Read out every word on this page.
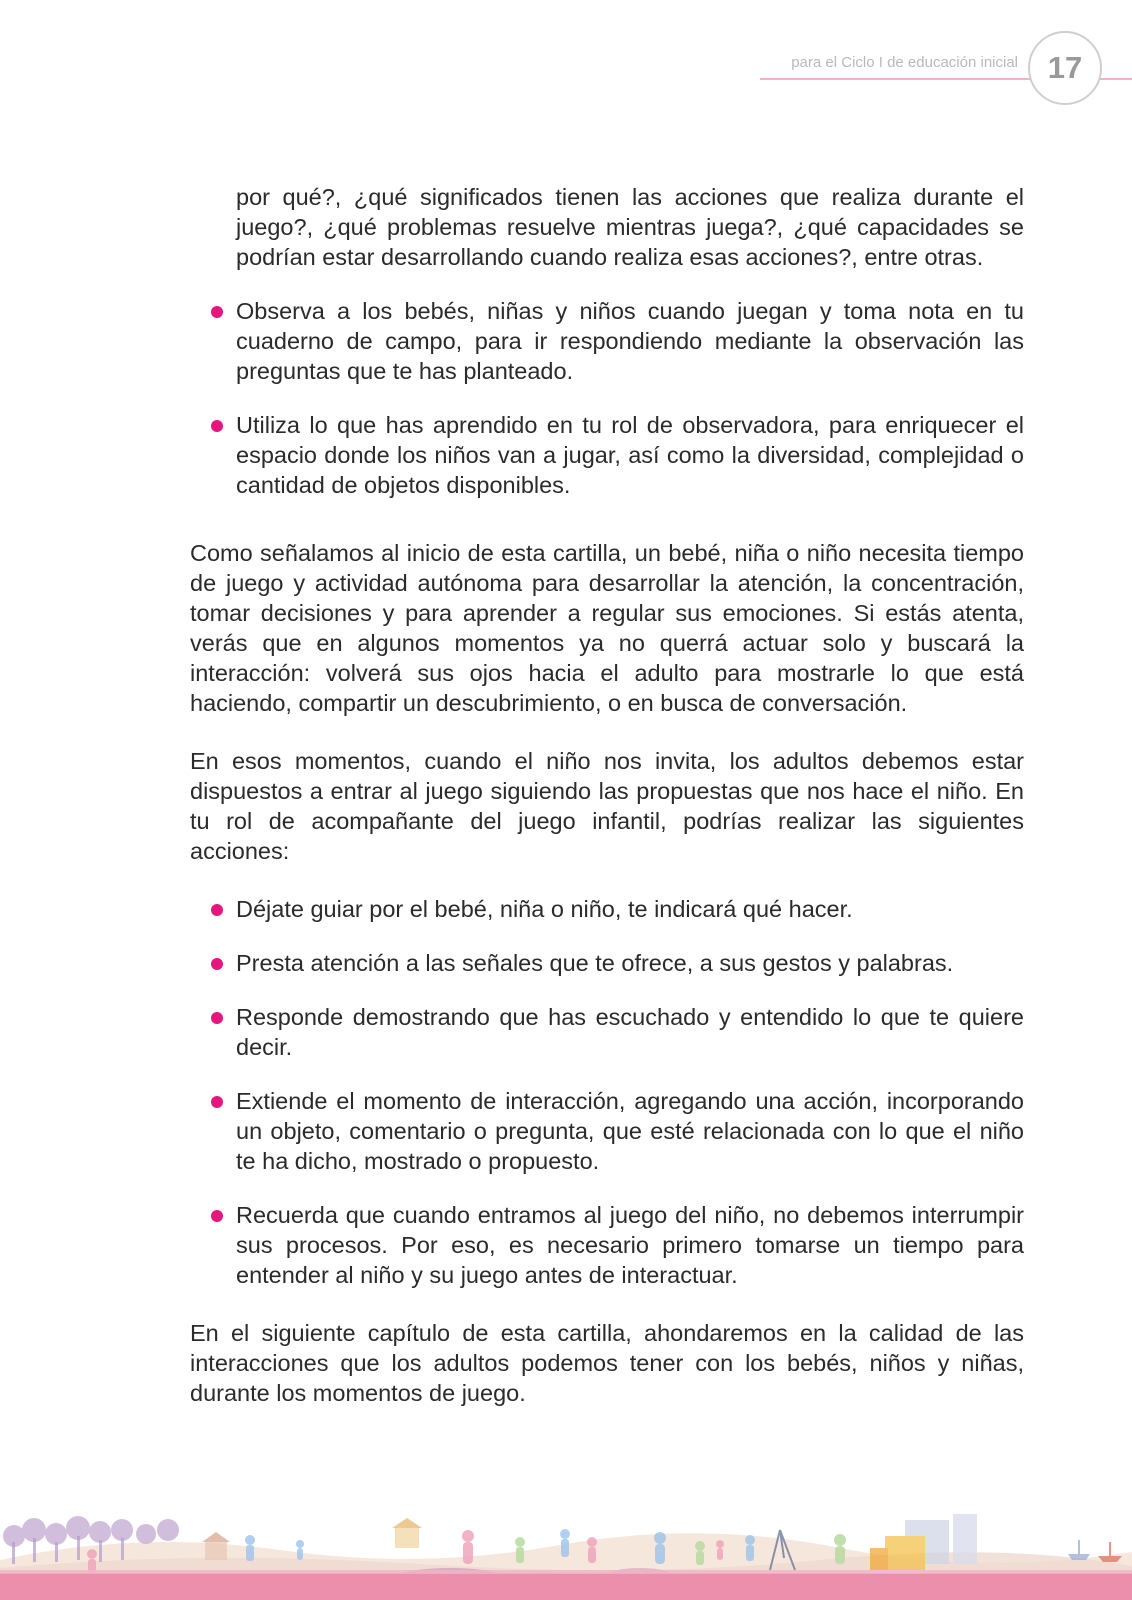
para el Ciclo I de educación inicial 17

por qué?, ¿qué significados tienen las acciones que realiza durante el juego?, ¿qué problemas resuelve mientras juega?, ¿qué capacidades se podrían estar desarrollando cuando realiza esas acciones?, entre otras.

Observa a los bebés, niñas y niños cuando juegan y toma nota en tu cuaderno de campo, para ir respondiendo mediante la observación las preguntas que te has planteado.
Utiliza lo que has aprendido en tu rol de observadora, para enriquecer el espacio donde los niños van a jugar, así como la diversidad, complejidad o cantidad de objetos disponibles.

Como señalamos al inicio de esta cartilla, un bebé, niña o niño necesita tiempo de juego y actividad autónoma para desarrollar la atención, la concentración, tomar decisiones y para aprender a regular sus emociones. Si estás atenta, verás que en algunos momentos ya no querrá actuar solo y buscará la interacción: volverá sus ojos hacia el adulto para mostrarle lo que está haciendo, compartir un descubrimiento, o en busca de conversación.

En esos momentos, cuando el niño nos invita, los adultos debemos estar dispuestos a entrar al juego siguiendo las propuestas que nos hace el niño. En tu rol de acompañante del juego infantil, podrías realizar las siguientes acciones:

Déjate guiar por el bebé, niña o niño, te indicará qué hacer.
Presta atención a las señales que te ofrece, a sus gestos y palabras.
Responde demostrando que has escuchado y entendido lo que te quiere decir.
Extiende el momento de interacción, agregando una acción, incorporando un objeto, comentario o pregunta, que esté relacionada con lo que el niño te ha dicho, mostrado o propuesto.
Recuerda que cuando entramos al juego del niño, no debemos interrumpir sus procesos. Por eso, es necesario primero tomarse un tiempo para entender al niño y su juego antes de interactuar.

En el siguiente capítulo de esta cartilla, ahondaremos en la calidad de las interacciones que los adultos podemos tener con los bebés, niños y niñas, durante los momentos de juego.
